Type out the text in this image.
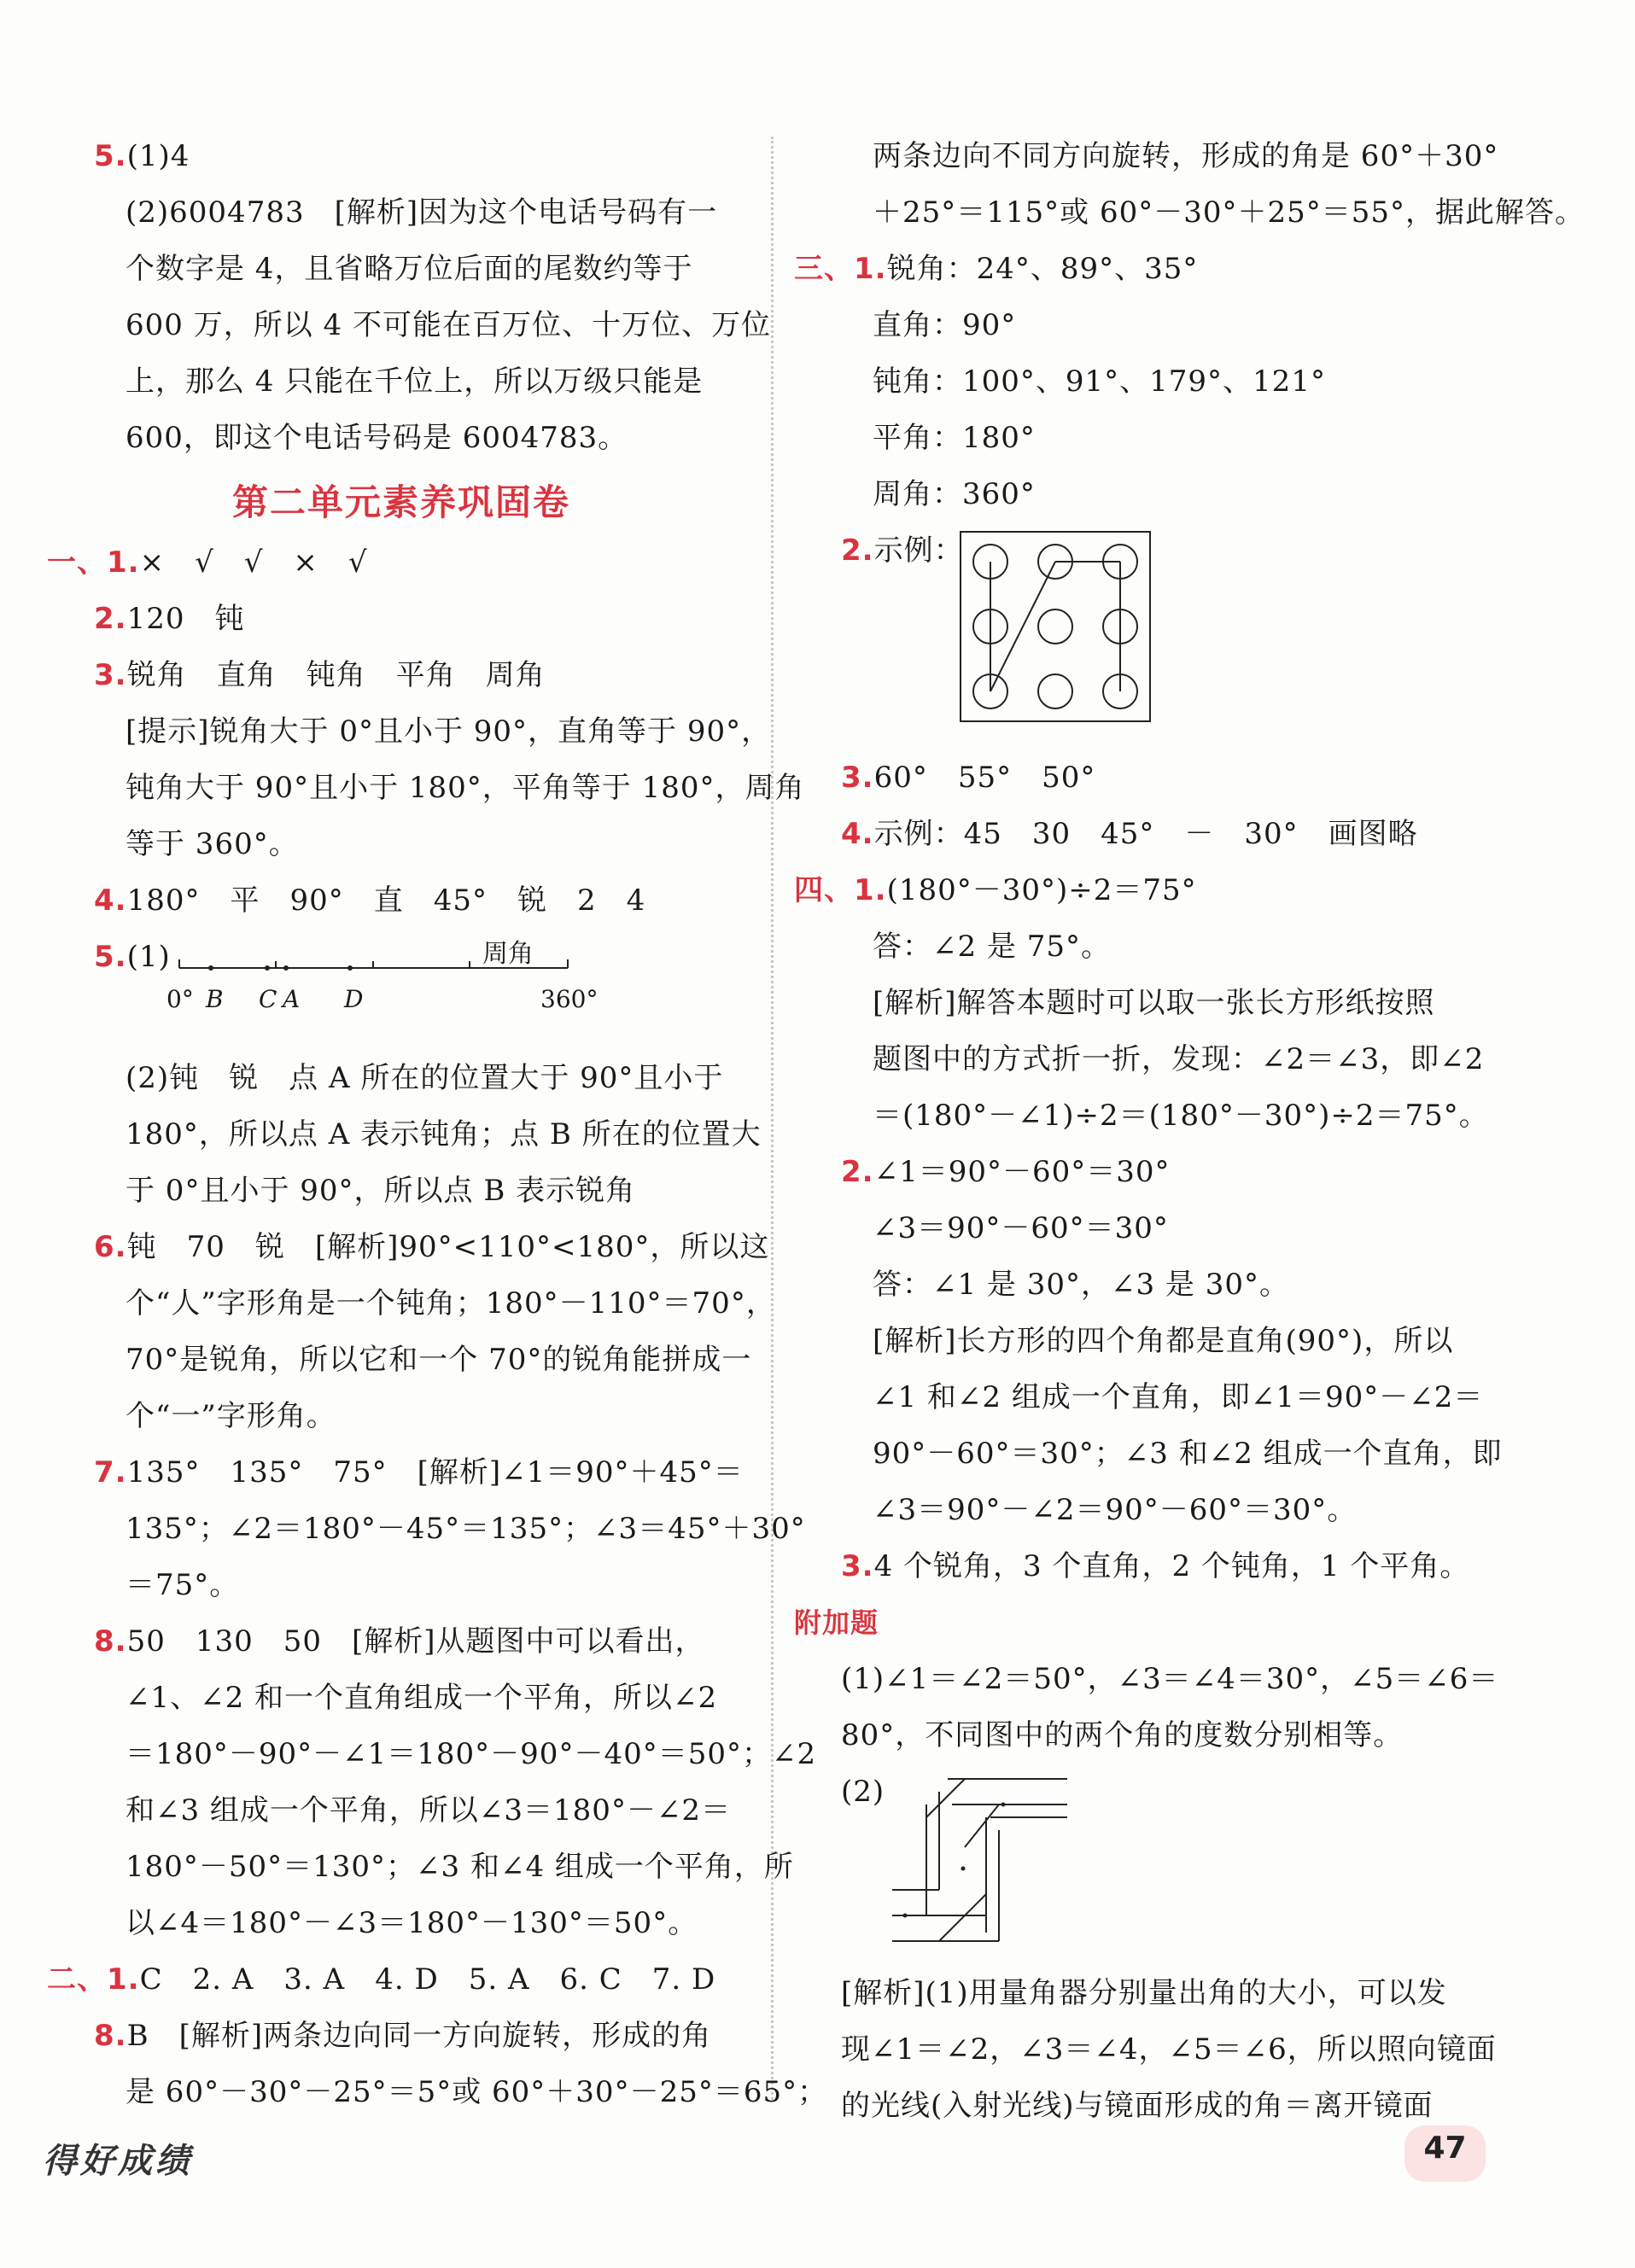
5.(1)4
(2)6004783　[解析]因为这个电话号码有一
个数字是 4，且省略万位后面的尾数约等于
600 万，所以 4 不可能在百万位、十万位、万位
上，那么 4 只能在千位上，所以万级只能是
600，即这个电话号码是 6004783。
第二单元素养巩固卷
一、1.×　√　√　×　√
2.120　钝
3.锐角　直角　钝角　平角　周角
[提示]锐角大于 0°且小于 90°，直角等于 90°，
钝角大于 90°且小于 180°，平角等于 180°，周角
等于 360°。
4.180°　平　90°　直　45°　锐　2　4
5.(1)	周角
0° B C A D	360°
(2)钝　锐　点 A 所在的位置大于 90°且小于
180°，所以点 A 表示钝角；点 B 所在的位置大
于 0°且小于 90°，所以点 B 表示锐角
6.钝　70　锐　[解析]90°<110°<180°，所以这
个“人”字形角是一个钝角；180°－110°＝70°，
70°是锐角，所以它和一个 70°的锐角能拼成一
个“一”字形角。
7.135°　135°　75°　[解析]∠1＝90°＋45°＝
135°；∠2＝180°－45°＝135°；∠3＝45°＋30°
＝75°。
8.50　130　50　[解析]从题图中可以看出，
∠1、∠2 和一个直角组成一个平角，所以∠2
＝180°－90°－∠1＝180°－90°－40°＝50°；∠2
和∠3 组成一个平角，所以∠3＝180°－∠2＝
180°－50°＝130°；∠3 和∠4 组成一个平角，所
以∠4＝180°－∠3＝180°－130°＝50°。
二、1.C　2. A　3. A　4. D　5. A　6. C　7. D
8.B　[解析]两条边向同一方向旋转，形成的角
是 60°－30°－25°＝5°或 60°＋30°－25°＝65°；
两条边向不同方向旋转，形成的角是 60°＋30°
＋25°＝115°或 60°－30°＋25°＝55°，据此解答。
三、1.锐角：24°、89°、35°
直角：90°
钝角：100°、91°、179°、121°
平角：180°
周角：360°
2.示例：
3.60°　55°　50°
4.示例：45　30　45°　－　30°　画图略
四、1.(180°－30°)÷2＝75°
答：∠2 是 75°。
[解析]解答本题时可以取一张长方形纸按照
题图中的方式折一折，发现：∠2＝∠3，即∠2
＝(180°－∠1)÷2＝(180°－30°)÷2＝75°。
2.∠1＝90°－60°＝30°
∠3＝90°－60°＝30°
答：∠1 是 30°，∠3 是 30°。
[解析]长方形的四个角都是直角(90°)，所以
∠1 和∠2 组成一个直角，即∠1＝90°－∠2＝
90°－60°＝30°；∠3 和∠2 组成一个直角，即
∠3＝90°－∠2＝90°－60°＝30°。
3.4 个锐角，3 个直角，2 个钝角，1 个平角。
附加题
(1)∠1＝∠2＝50°，∠3＝∠4＝30°，∠5＝∠6＝
80°，不同图中的两个角的度数分别相等。
(2)
[解析](1)用量角器分别量出角的大小，可以发
现∠1＝∠2，∠3＝∠4，∠5＝∠6，所以照向镜面
的光线(入射光线)与镜面形成的角＝离开镜面
得好成绩	47
